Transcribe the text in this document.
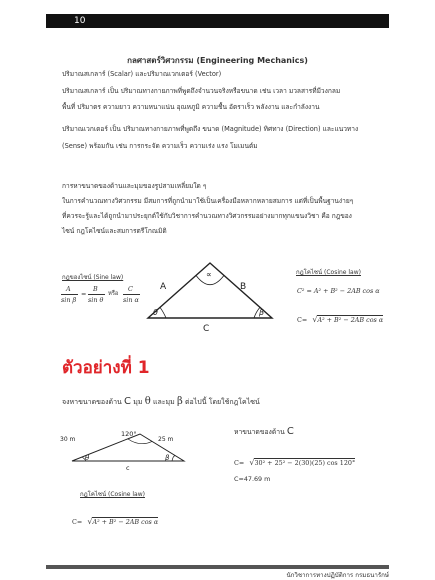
10
กลศาสตร์วิศวกรรม (Engineering Mechanics)
ปริมาณสเกลาร์ (Scalar) และปริมาณเวกเตอร์ (Vector)
ปริมาณสเกลาร์ เป็น ปริมาณทางกายภาพที่พูดถึงจำนวนจริงหรือขนาด เช่น เวลา มวลสารที่มีวงกลม
พื้นที่ ปริมาตร ความยาว ความหนาแน่น อุณหภูมิ ความชื้น อัตราเร็ว พลังงาน และกำลังงาน
ปริมาณเวกเตอร์ เป็น ปริมาณทางกายภาพที่พูดถึง ขนาด (Magnitude) ทิศทาง (Direction) และแนวทาง
(Sense) พร้อมกัน เช่น การกระจัด ความเร็ว ความเร่ง แรง โมเมนต์ม
การหาขนาดของด้านและมุมของรูปสามเหลี่ยมใด ๆ
ในการคำนวณทางวิศวกรรม มีสมการที่ถูกนำมาใช้เป็นเครื่องมือหลากหลายสมการ แต่ที่เป็นพื้นฐานง่ายๆ
ที่ควรจะรู้และได้ถูกนำมาประยุกต์ใช้กับวิชาการคำนวณทางวิศวกรรมอย่างมากทุกแขนงวิชา คือ กฎของ
ไซน์ กฎโคไซน์และสมการตรีโกณมิติ
กฎของไซน์ (Sine law)
A
sin β
=
B
sin θ
หรือ
C
sin α
A	B
C
∝
θ	β
กฎโคไซน์ (Cosine law)
C² = A² + B² − 2AB cos α
C= √A² + B² − 2AB cos α
ตัวอย่างที่ 1
จงหาขนาดของด้าน C มุม θ และมุม β ต่อไปนี้ โดยใช้กฎโคไซน์
30 m	25 m
120°
θ	β
c
หาขนาดของด้าน C
C= √30² + 25² − 2(30)(25) cos 120°
C=47.69 m
กฎโคไซน์ (Cosine law)
C= √A² + B² − 2AB cos α
นักวิชาการทางปฏิบัติการ กรมธนารักษ์
